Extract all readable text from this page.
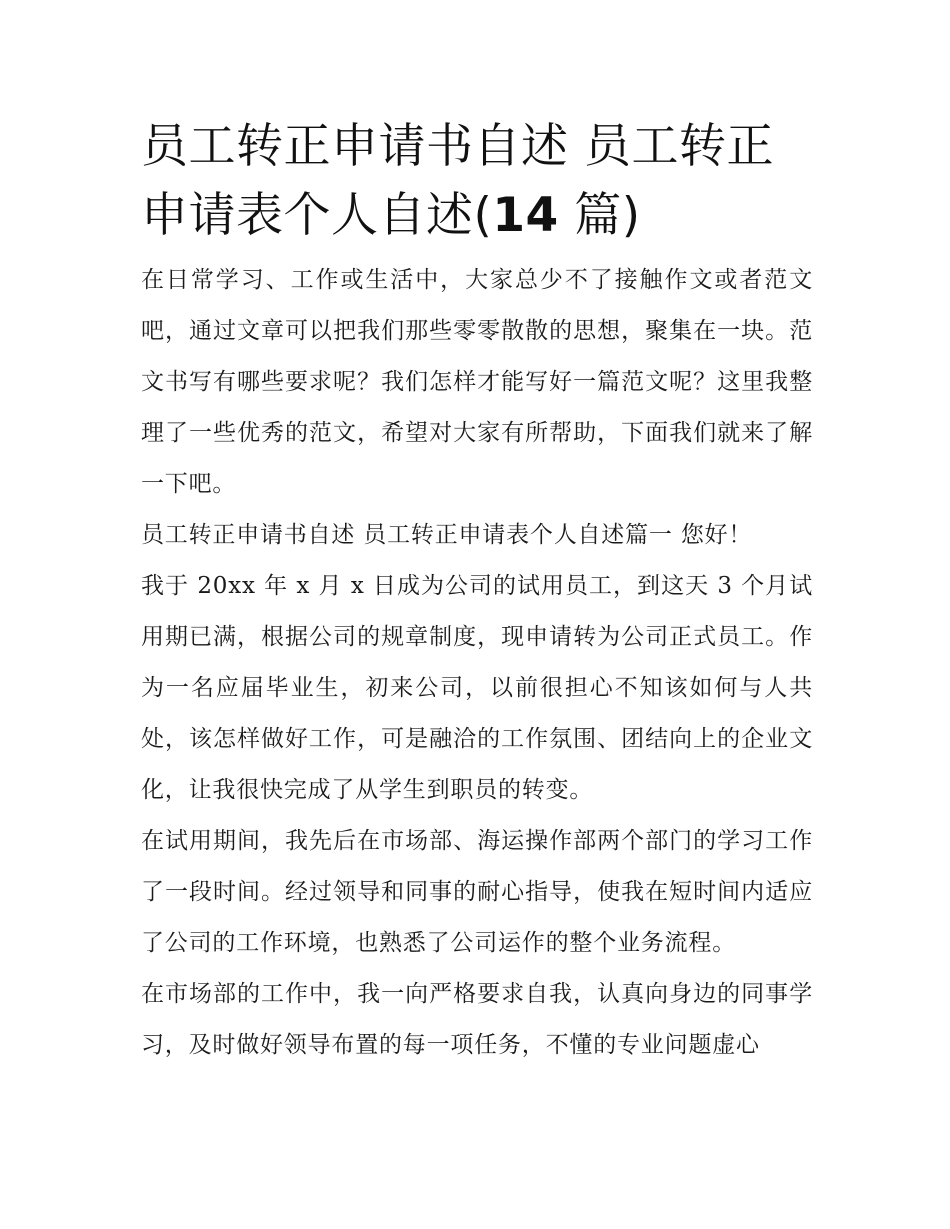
员工转正申请书自述 员工转正申请表个人自述(14 篇)

在日常学习、工作或生活中，大家总少不了接触作文或者范文吧，通过文章可以把我们那些零零散散的思想，聚集在一块。范文书写有哪些要求呢？我们怎样才能写好一篇范文呢？这里我整理了一些优秀的范文，希望对大家有所帮助，下面我们就来了解一下吧。

员工转正申请书自述 员工转正申请表个人自述篇一 您好！

我于 20xx 年 x 月 x 日成为公司的试用员工，到这天 3 个月试用期已满，根据公司的规章制度，现申请转为公司正式员工。作为一名应届毕业生，初来公司，以前很担心不知该如何与人共处，该怎样做好工作，可是融洽的工作氛围、团结向上的企业文化，让我很快完成了从学生到职员的转变。

在试用期间，我先后在市场部、海运操作部两个部门的学习工作了一段时间。经过领导和同事的耐心指导，使我在短时间内适应了公司的工作环境，也熟悉了公司运作的整个业务流程。

在市场部的工作中，我一向严格要求自我，认真向身边的同事学习，及时做好领导布置的每一项任务，不懂的专业问题虚心
